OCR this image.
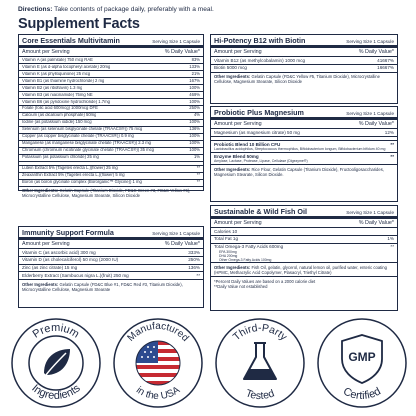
Directions: Take contents of package daily, preferably with a meal.
Supplement Facts
Core Essentials Multivitamin	Serving Size 1 Capsule
Amount per Serving	% Daily Value*
Vitamin A (as palmitate) 750 mcg RAE	83%
Vitamin E (as d-alpha tocopheryl acetate) 20mg	133%
Vitamin K (as phylloquinone) 25 mcg	21%
Vitamin B1 (as thiamine hydrochloride) 2 mg	167%
Vitamin B2 (as riboflavin) 1.3 mg	100%
Vitamin B3 (as niacinamide) 75mg NE	469%
Vitamin B6 (as pyridoxine hydrochloride) 1.7mg	100%
Folate (folic acid 600mcg) 1000mcg DFE	250%
Calcium (as dicalcium phosphate) 50mg	4%
Iodine (as potassium iodide) 150 mcg	100%
Selenium (as selenium bisglycinate chelate (TRAACS®)) 75 mcg	136%
Copper (as copper bisglycinate chelate (TRAACS®)) 0.9 mg	100%
Manganese (as manganese bisglycinate chelate (TRAACS®)) 2.3 mg	100%
Chromium (chromium nicotinate glycinate chelate (TRAACS®)) 35 mcg	100%
Potassium (as potassium chloride) 25 mg	1%
Lutein Extract 5% (Tagetes erecta L.)(flower) 25 mg	**
Zeaxanthin Extract 5% (Tagetes erecta L.)(flower) 5 mg	**
Boron (as boron glycinate complex (Bororganic™ Glycine)) 1 mg	**
Other Ingredients: Gelatin Capsule (Titanium Dioxide, FD&C Green #3, FD&C Yellow #6), Microcrystalline Cellulose, Magnesium Stearate, Silicon Dioxide
Immunity Support Formula	Serving Size 1 Capsule
Amount per Serving	% Daily Value*
Vitamin C (as ascorbic acid) 300 mg	333%
Vitamin D (as cholecalciferol) 50 mcg (2000 IU)	250%
Zinc (as zinc citrate) 15 mg	136%
Elderberry Extract (Sambucus nigra L.)(fruit) 250 mg	**
Other Ingredients: Gelatin Capsule (FD&C Blue #1, FD&C Red #3, Titanium Dioxide), Microcrystalline Cellulose, Magnesium Stearate
Hi-Potency B12 with Biotin	Serving Size 1 Capsule
Amount per Serving	% Daily Value*
Vitamin B12 (as methylcobalamin) 1000 mcg	41667%
Biotin 5000 mcg	16667%
Other Ingredients: Gelatin Capsule (FD&C Yellow #5, Titanium Dioxide), Microcrystalline Cellulose, Magnesium Stearate, Silicon Dioxide
Probiotic Plus Magnesium	Serving Size 1 Capsule
Amount per Serving	% Daily Value*
Magnesium (as magnesium citrate) 50 mg	12%
Probiotic Blend 10 Billion CFU	**
Lactobacillus acidophilus, Streptococcus thermophilus, Bifidobacterium longum, Bifidobacterium bifidum 40 mg
Enzyme Blend 50mg	**
Amylase, Lactase, Protease, Lipase, Cellulase (Digezyme®)
Other Ingredients: Rice Flour, Gelatin Capsule (Titanium Dioxide), Fructooligosaccharides, Magnesium Stearate, Silicon Dioxide.
Sustainable & Wild Fish Oil	Serving Size 1 Capsule
Amount per Serving	% Daily Value*
Calories 10
Total Fat 1g	1%
Total Omega-3 Fatty Acids 600mg	**
EPA 300mg
DHA 200mg
Other Omega-3 Fatty Acids 100mg
Other Ingredients: Fish Oil, gelatin, glycerol, natural lemon oil, purified water, enteric coating (HPMC, Methacrylic Acid Copolymer, Plasacryl, Triethyl Citrate)
*Percent Daily Values are based on a 2000 calorie diet
**Daily Value not established
Premium
Ingredients
Manufactured
in the USA
Third-Party
Tested
GMP
Certified
